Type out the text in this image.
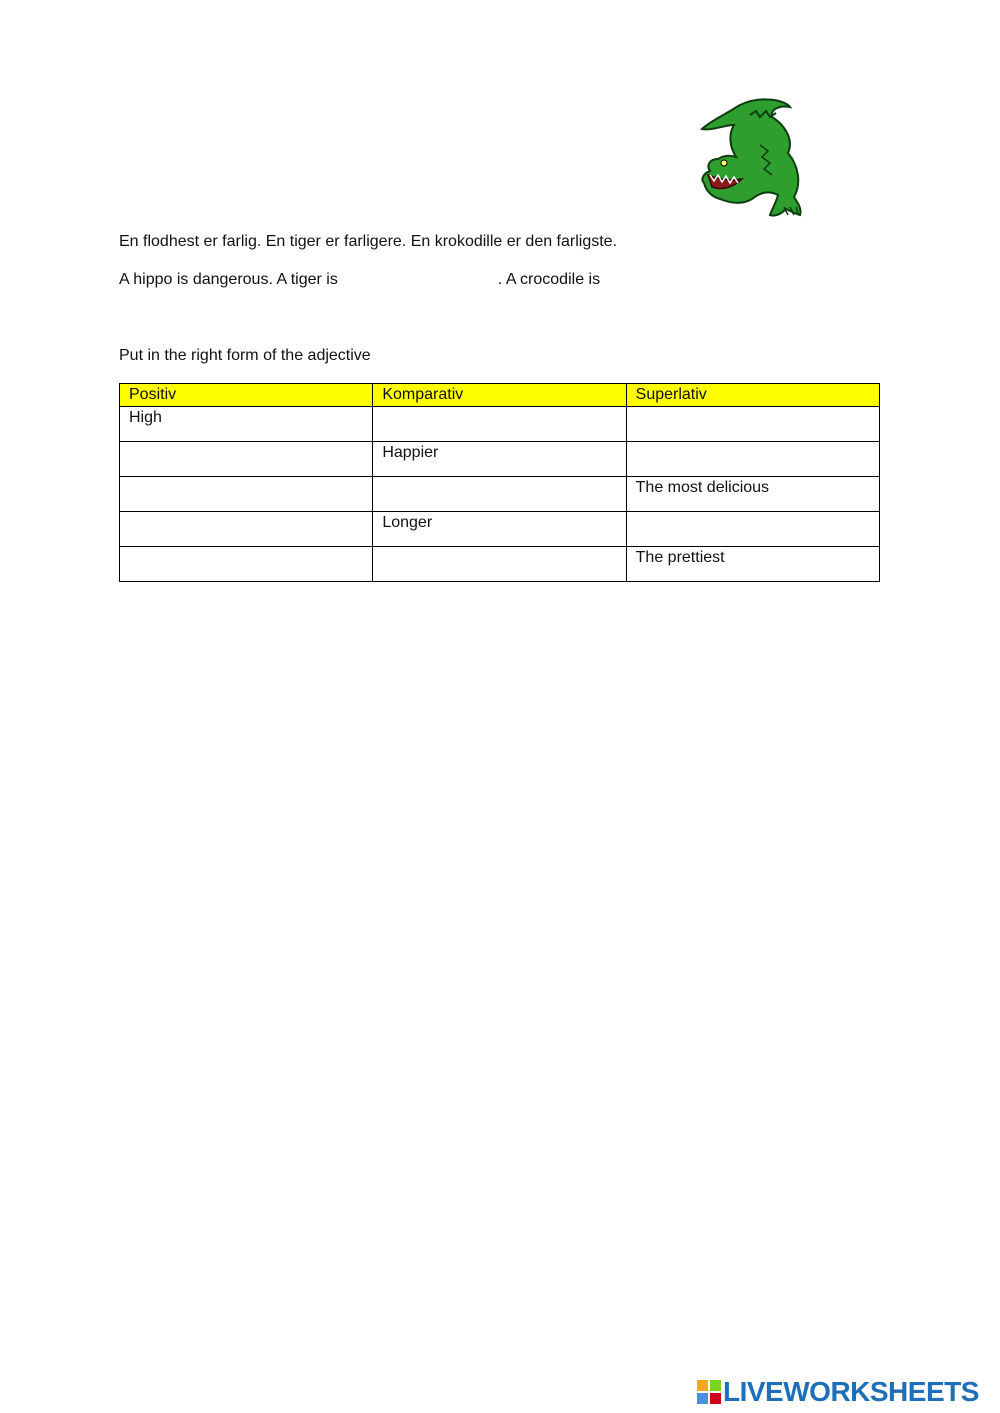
En flodhest er farlig. En tiger er farligere. En krokodille er den farligste.
A hippo is dangerous. A tiger is	. A crocodile is
Put in the right form of the adjective
Positiv	Komparativ	Superlativ

High		

	Happier	

		The most delicious

	Longer	

		The prettiest
LIVEWORKSHEETS
